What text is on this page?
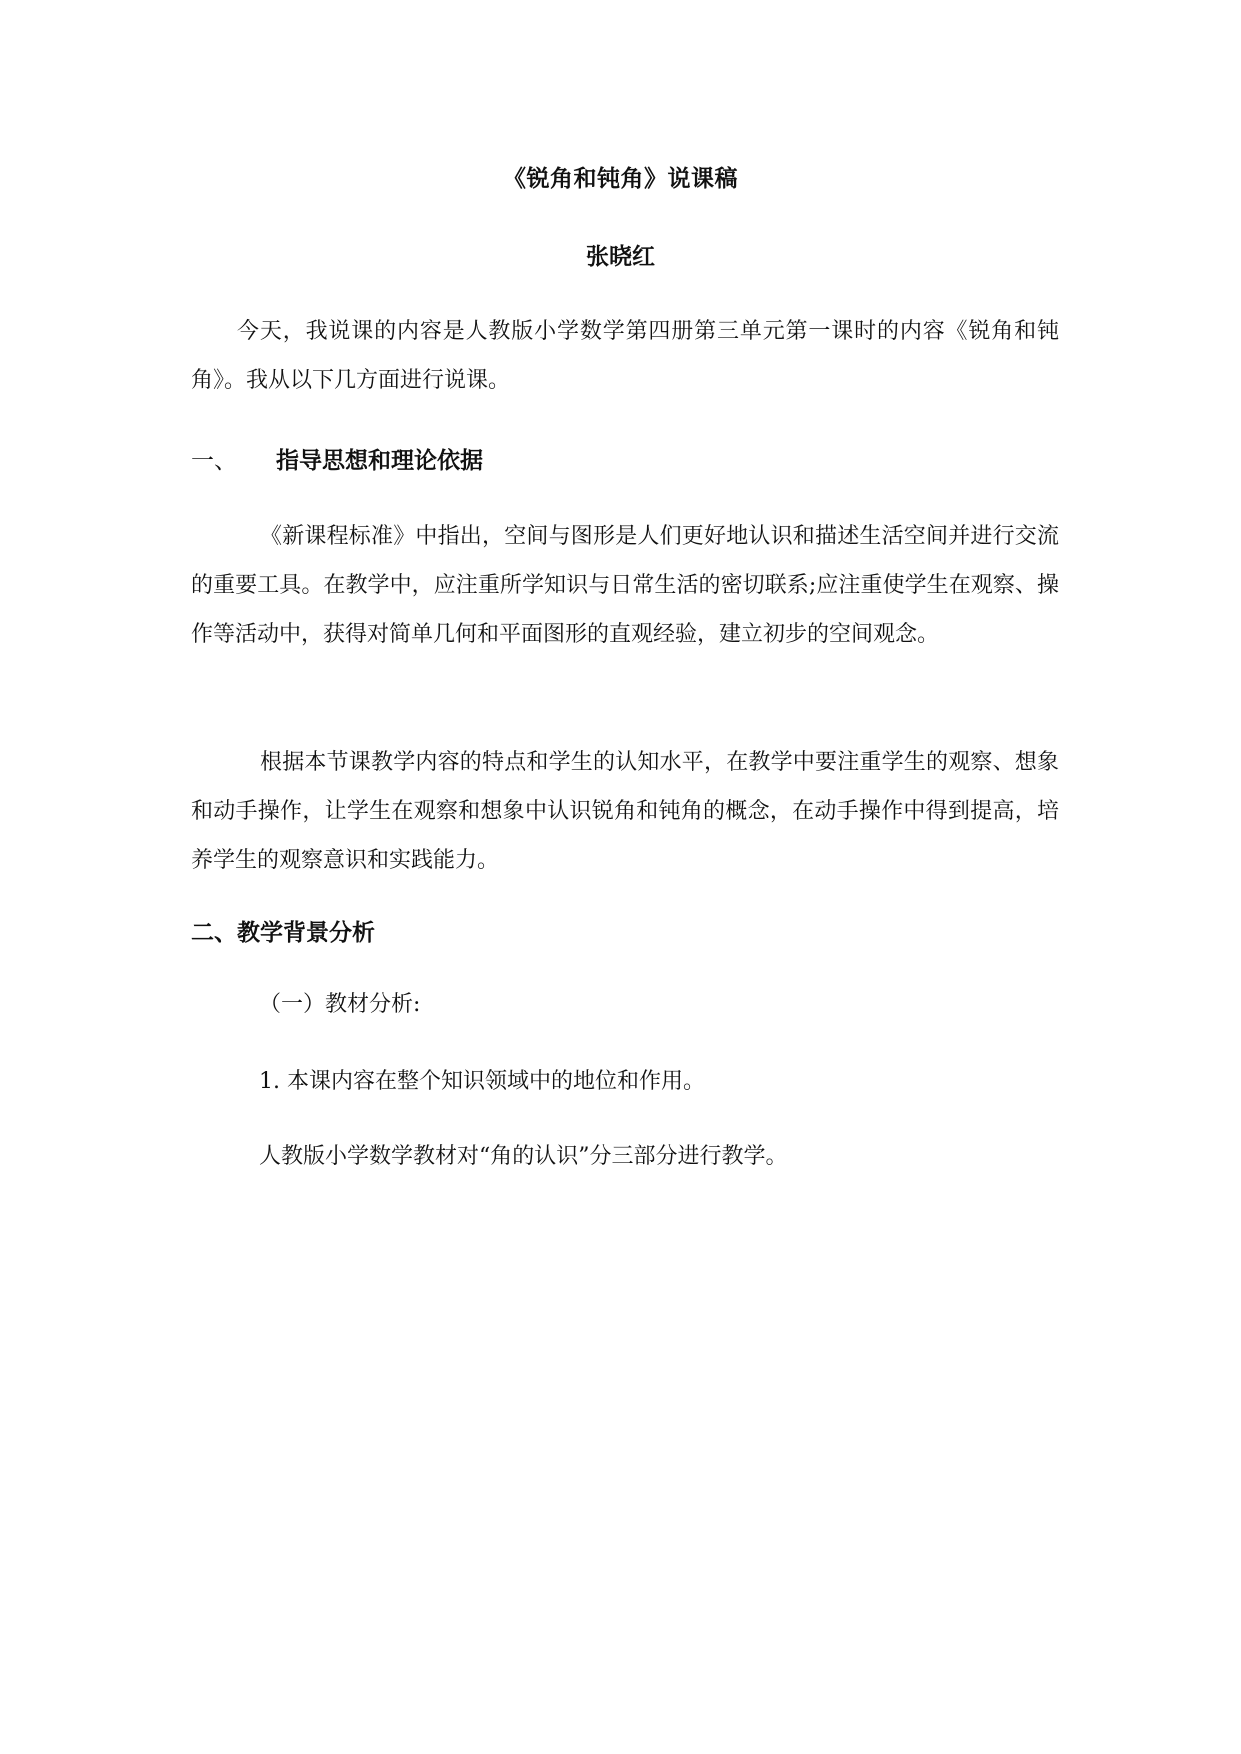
《锐角和钝角》说课稿
张晓红

今天，我说课的内容是人教版小学数学第四册第三单元第一课时的内容《锐角和钝角》。我从以下几方面进行说课。

一、 指导思想和理论依据

《新课程标准》中指出，空间与图形是人们更好地认识和描述生活空间并进行交流的重要工具。在教学中，应注重所学知识与日常生活的密切联系;应注重使学生在观察、操作等活动中，获得对简单几何和平面图形的直观经验，建立初步的空间观念。

根据本节课教学内容的特点和学生的认知水平，在教学中要注重学生的观察、想象和动手操作，让学生在观察和想象中认识锐角和钝角的概念，在动手操作中得到提高，培养学生的观察意识和实践能力。

二、教学背景分析
（一）教材分析:
1. 本课内容在整个知识领域中的地位和作用。
人教版小学数学教材对“角的认识”分三部分进行教学。
